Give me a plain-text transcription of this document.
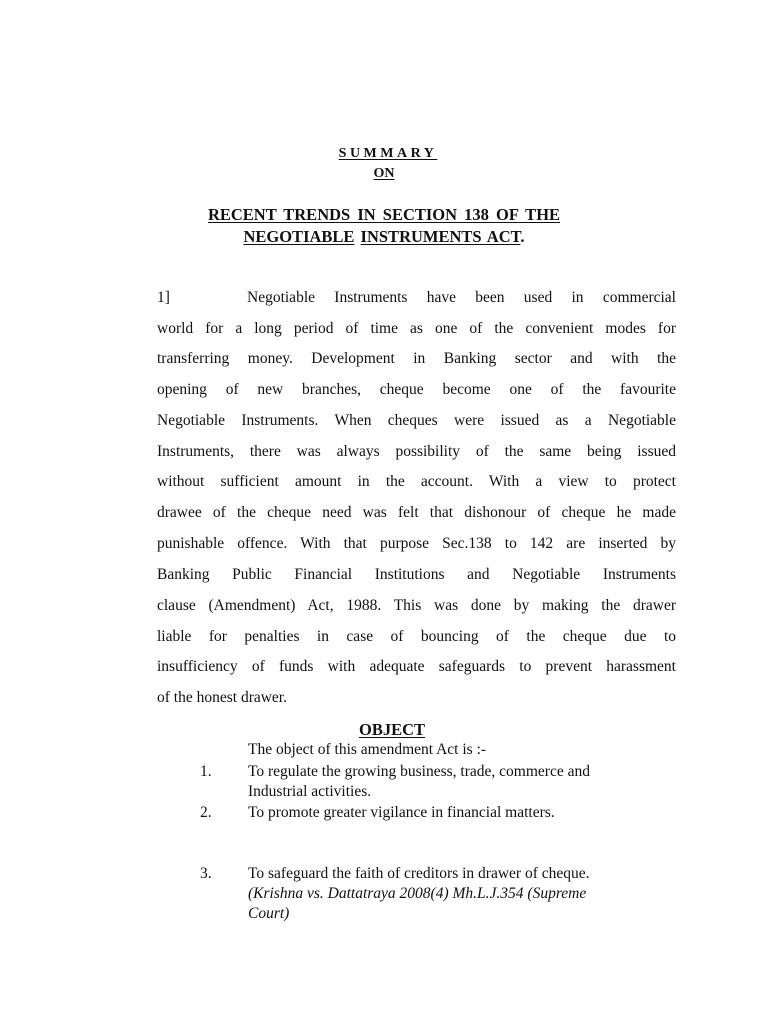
SUMMARY

ON

RECENT TRENDS IN SECTION 138 OF THE

NEGOTIABLE INSTRUMENTS ACT.

1]	Negotiable Instruments have been used in commercial

world for a long period of time as one of the convenient modes for

transferring money. Development in Banking sector and with the

opening of new branches, cheque become one of the favourite

Negotiable Instruments. When cheques were issued as a Negotiable

Instruments, there was always possibility of the same being issued

without sufficient amount in the account. With a view to protect

drawee of the cheque need was felt that dishonour of cheque he made

punishable offence. With that purpose Sec.138 to 142 are inserted by

Banking Public Financial Institutions and Negotiable Instruments

clause (Amendment) Act, 1988. This was done by making the drawer

liable for penalties in case of bouncing of the cheque due to

insufficiency of funds with adequate safeguards to prevent harassment

of the honest drawer.

OBJECT

The object of this amendment Act is :-

1. To regulate the growing business, trade, commerce and
Industrial activities.
2. To promote greater vigilance in financial matters.
3. To safeguard the faith of creditors in drawer of cheque.

(Krishna vs. Dattatraya 2008(4) Mh.L.J.354 (Supreme
Court)
